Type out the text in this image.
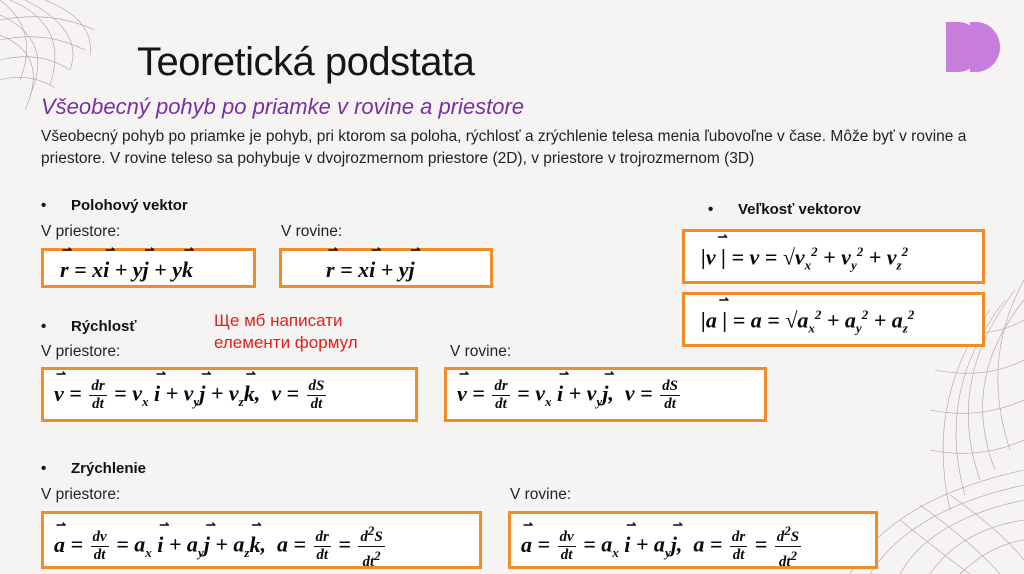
Teoretická podstata
Všeobecný pohyb po priamke v rovine a priestore
Všeobecný pohyb po priamke je pohyb, pri ktorom sa poloha, rýchlosť a zrýchlenie telesa menia ľubovoľne v čase. Môže byť v rovine a priestore. V rovine teleso sa pohybuje v dvojrozmernom priestore (2D), v priestore v trojrozmernom (3D)
• Polohový vektor
V priestore:	V rovine:
r ⇀ = xi ⇀ + yj ⇀ + yk ⇀	r ⇀ = xi ⇀ + yj ⇀
• Veľkosť vektorov
|v ⇀ | = $v = √v_x^2 + v_y^2 + v_z^2$
|a ⇀ | = $a = √a_x^2 + a_y^2 + a_z^2$
Ще мб написати елементи формул
• Rýchlosť
V priestore:	V rovine:
v ⇀ = $\frac{dr}{dt} = v_x$ i ⇀ + $v_yj$ ⇀ + $v_zk$ ⇀,  $v = \frac{dS}{dt}$	v ⇀ = $\frac{dr}{dt} = v_x$ i ⇀ + $v_yj$ ⇀,  $v = \frac{dS}{dt}$
• Zrýchlenie
V priestore:	V rovine:
a ⇀ = $\frac{dv}{dt} = a_x$ i ⇀ + $a_yj$ ⇀ + $a_zk$ ⇀,  $a = \frac{dr}{dt} = \frac{d^2S}{dt^2}$	a ⇀ = $\frac{dv}{dt} = a_x$ i ⇀ + $a_yj$ ⇀,  $a = \frac{dr}{dt} = \frac{d^2S}{dt^2}$
